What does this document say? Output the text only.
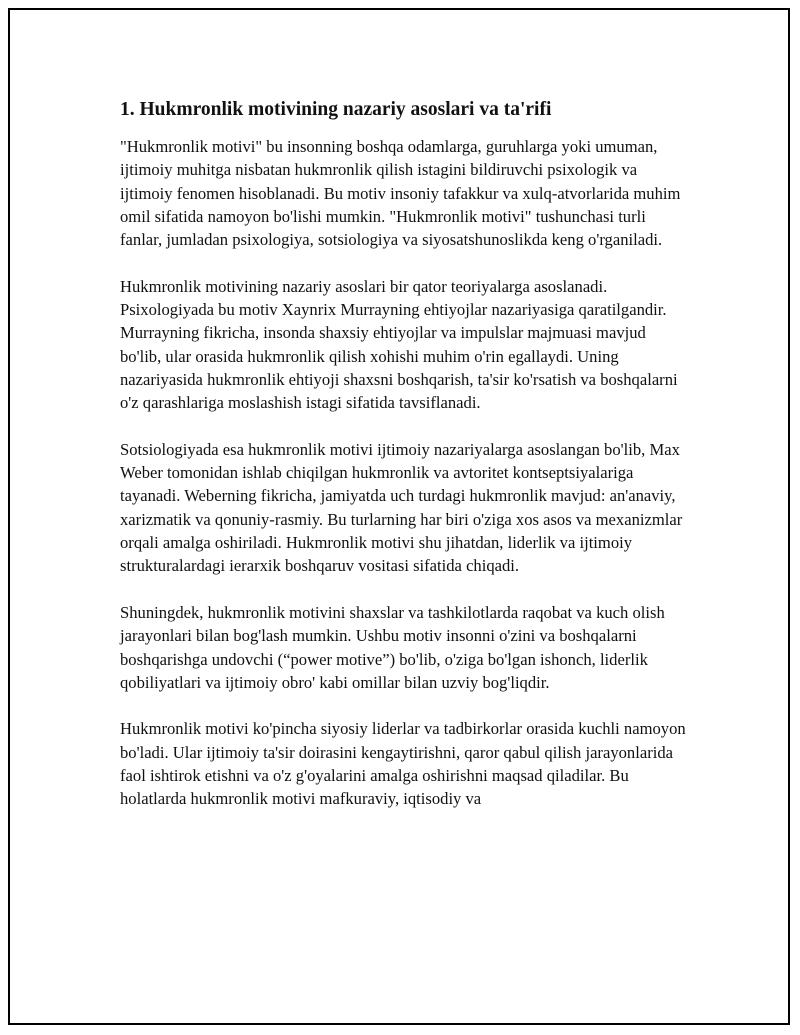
1. Hukmronlik motivining nazariy asoslari va ta'rifi

"Hukmronlik motivi" bu insonning boshqa odamlarga, guruhlarga yoki umuman, ijtimoiy muhitga nisbatan hukmronlik qilish istagini bildiruvchi psixologik va ijtimoiy fenomen hisoblanadi. Bu motiv insoniy tafakkur va xulq-atvorlarida muhim omil sifatida namoyon bo'lishi mumkin. "Hukmronlik motivi" tushunchasi turli fanlar, jumladan psixologiya, sotsiologiya va siyosatshunoslikda keng o'rganiladi.

Hukmronlik motivining nazariy asoslari bir qator teoriyalarga asoslanadi. Psixologiyada bu motiv Xaynrix Murrayning ehtiyojlar nazariyasiga qaratilgandir. Murrayning fikricha, insonda shaxsiy ehtiyojlar va impulslar majmuasi mavjud bo'lib, ular orasida hukmronlik qilish xohishi muhim o'rin egallaydi. Uning nazariyasida hukmronlik ehtiyoji shaxsni boshqarish, ta'sir ko'rsatish va boshqalarni o'z qarashlariga moslashish istagi sifatida tavsiflanadi.

Sotsiologiyada esa hukmronlik motivi ijtimoiy nazariyalarga asoslangan bo'lib, Max Weber tomonidan ishlab chiqilgan hukmronlik va avtoritet kontseptsiyalariga tayanadi. Weberning fikricha, jamiyatda uch turdagi hukmronlik mavjud: an'anaviy, xarizmatik va qonuniy-rasmiy. Bu turlarning har biri o'ziga xos asos va mexanizmlar orqali amalga oshiriladi. Hukmronlik motivi shu jihatdan, liderlik va ijtimoiy strukturalardagi ierarxik boshqaruv vositasi sifatida chiqadi.

Shuningdek, hukmronlik motivini shaxslar va tashkilotlarda raqobat va kuch olish jarayonlari bilan bog'lash mumkin. Ushbu motiv insonni o'zini va boshqalarni boshqarishga undovchi (“power motive”) bo'lib, o'ziga bo'lgan ishonch, liderlik qobiliyatlari va ijtimoiy obro' kabi omillar bilan uzviy bog'liqdir.

Hukmronlik motivi ko'pincha siyosiy liderlar va tadbirkorlar orasida kuchli namoyon bo'ladi. Ular ijtimoiy ta'sir doirasini kengaytirishni, qaror qabul qilish jarayonlarida faol ishtirok etishni va o'z g'oyalarini amalga oshirishni maqsad qiladilar. Bu holatlarda hukmronlik motivi mafkuraviy, iqtisodiy va
